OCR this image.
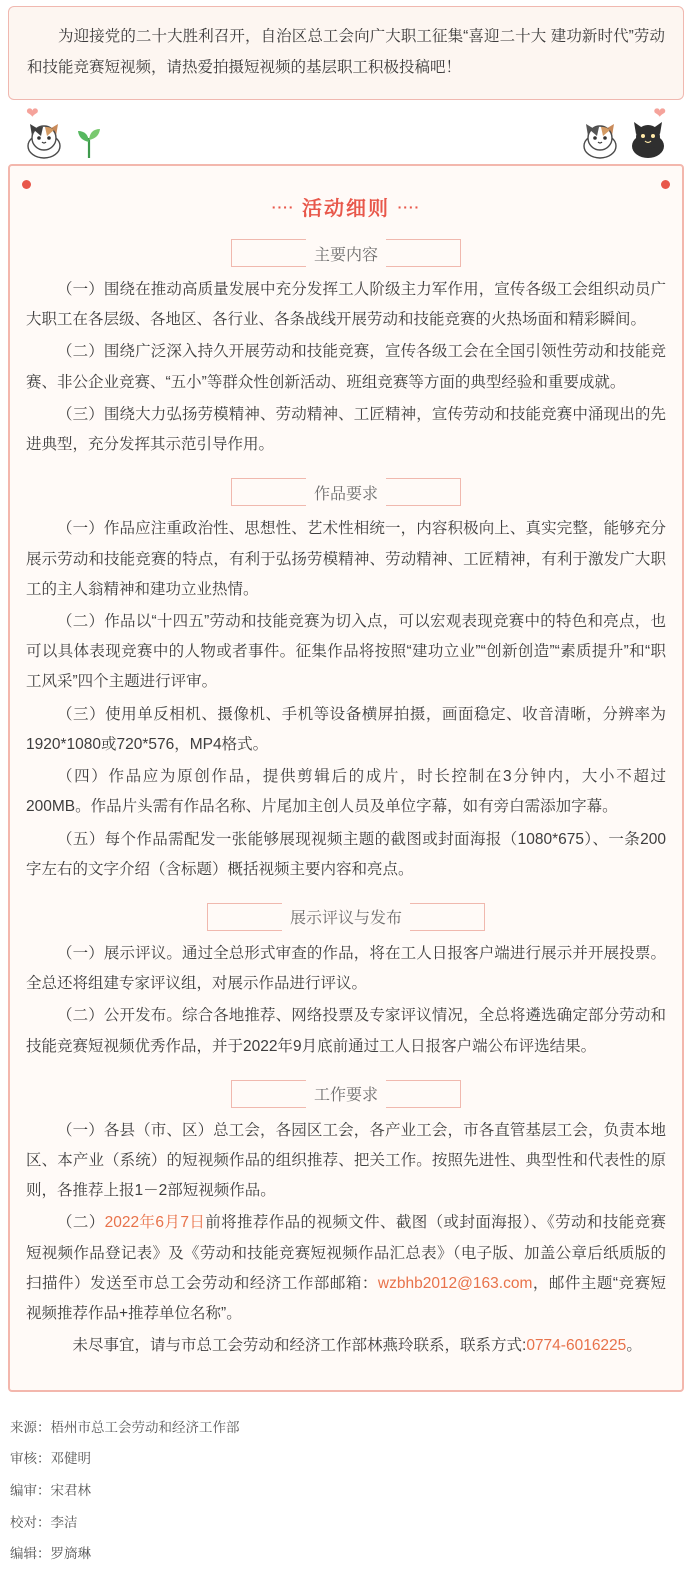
为迎接党的二十大胜利召开，自治区总工会向广大职工征集“喜迎二十大 建功新时代”劳动和技能竞赛短视频，请热爱拍摄短视频的基层职工积极投稿吧！
❤	❤
···· 活动细则 ····
主要内容

（一）围绕在推动高质量发展中充分发挥工人阶级主力军作用，宣传各级工会组织动员广大职工在各层级、各地区、各行业、各条战线开展劳动和技能竞赛的火热场面和精彩瞬间。

（二）围绕广泛深入持久开展劳动和技能竞赛，宣传各级工会在全国引领性劳动和技能竞赛、非公企业竞赛、“五小”等群众性创新活动、班组竞赛等方面的典型经验和重要成就。

（三）围绕大力弘扬劳模精神、劳动精神、工匠精神，宣传劳动和技能竞赛中涌现出的先进典型，充分发挥其示范引导作用。

作品要求

（一）作品应注重政治性、思想性、艺术性相统一，内容积极向上、真实完整，能够充分展示劳动和技能竞赛的特点，有利于弘扬劳模精神、劳动精神、工匠精神，有利于激发广大职工的主人翁精神和建功立业热情。

（二）作品以“十四五”劳动和技能竞赛为切入点，可以宏观表现竞赛中的特色和亮点，也可以具体表现竞赛中的人物或者事件。征集作品将按照“建功立业”“创新创造”“素质提升”和“职工风采”四个主题进行评审。

（三）使用单反相机、摄像机、手机等设备横屏拍摄，画面稳定、收音清晰，分辨率为1920*1080或720*576，MP4格式。

（四）作品应为原创作品，提供剪辑后的成片，时长控制在3分钟内，大小不超过200MB。作品片头需有作品名称、片尾加主创人员及单位字幕，如有旁白需添加字幕。

（五）每个作品需配发一张能够展现视频主题的截图或封面海报（1080*675）、一条200字左右的文字介绍（含标题）概括视频主要内容和亮点。

展示评议与发布

（一）展示评议。通过全总形式审查的作品，将在工人日报客户端进行展示并开展投票。全总还将组建专家评议组，对展示作品进行评议。

（二）公开发布。综合各地推荐、网络投票及专家评议情况，全总将遴选确定部分劳动和技能竞赛短视频优秀作品，并于2022年9月底前通过工人日报客户端公布评选结果。

工作要求

（一）各县（市、区）总工会，各园区工会，各产业工会，市各直管基层工会，负责本地区、本产业（系统）的短视频作品的组织推荐、把关工作。按照先进性、典型性和代表性的原则，各推荐上报1－2部短视频作品。

（二）2022年6月7日前将推荐作品的视频文件、截图（或封面海报）、《劳动和技能竞赛短视频作品登记表》及《劳动和技能竞赛短视频作品汇总表》（电子版、加盖公章后纸质版的扫描件）发送至市总工会劳动和经济工作部邮箱：wzbhb2012@163.com，邮件主题“竞赛短视频推荐作品+推荐单位名称”。

未尽事宜，请与市总工会劳动和经济工作部林燕玲联系，联系方式:0774-6016225。

来源：梧州市总工会劳动和经济工作部
审核：邓健明
编审：宋君林
校对：李洁
编辑：罗旖琳
